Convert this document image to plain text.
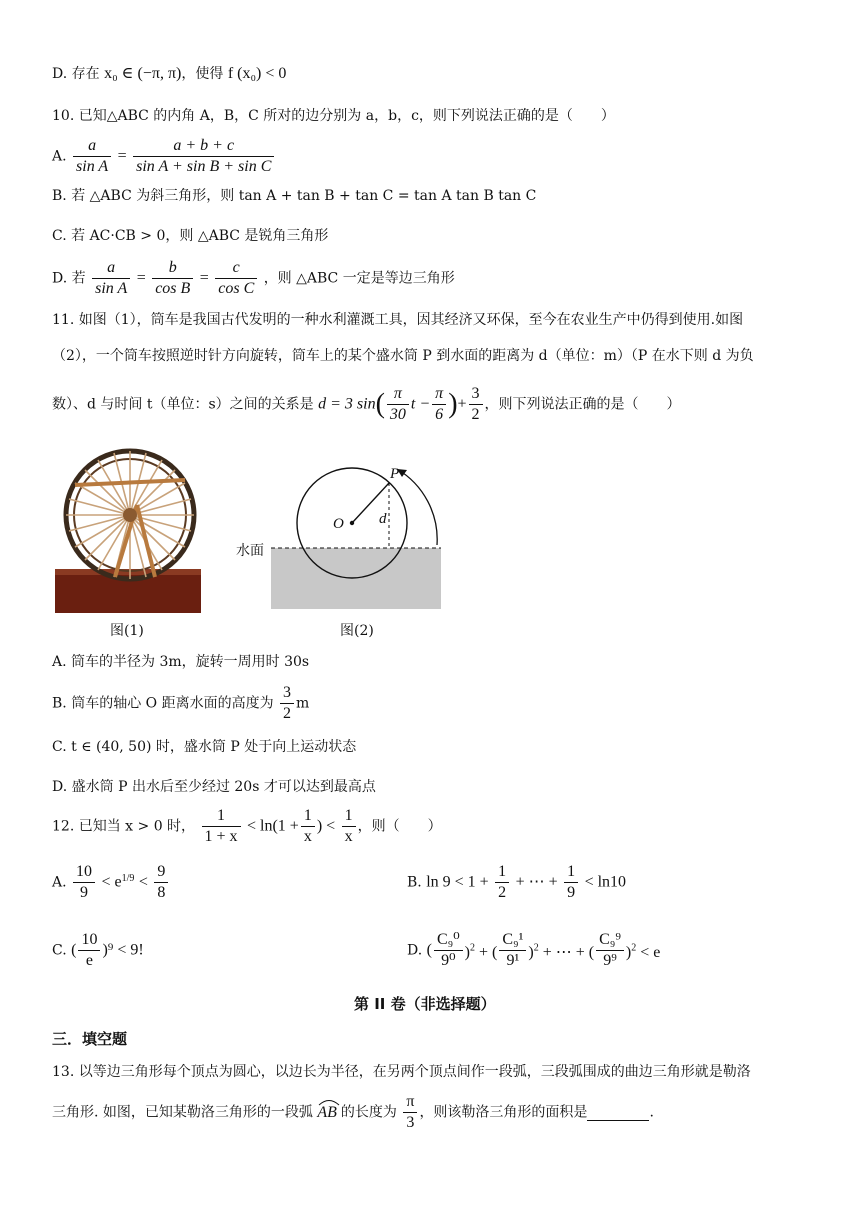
D. 存在 x₀ ∈ (−π, π)，使得 f (x₀) < 0
10. 已知△ABC 的内角 A，B，C 所对的边分别为 a，b，c，则下列说法正确的是（　　）
A. $\frac{a}{\text{sin A}} = \frac{a + b + c}{\text{sin A + sin B + sin C}}$
B. 若 △ABC 为斜三角形，则 tan A + tan B + tan C = tan A tan B tan C
C. 若 AC·CB > 0，则 △ABC 是锐角三角形
D. 若 $\frac{a}{\text{sin A}} = \frac{b}{\text{cos B}} = \frac{c}{\text{cos C}}$ ，则 △ABC 一定是等边三角形
11. 如图（1），筒车是我国古代发明的一种水利灌溉工具，因其经济又环保，至今在农业生产中仍得到使用.如图
（2），一个筒车按照逆时针方向旋转，筒车上的某个盛水筒 P 到水面的距离为 d（单位：m）（P 在水下则 d 为负
数）、d 与时间 t（单位：s）之间的关系是 d = 3 $\sin( \frac{\pi}{30}$ $t - \frac{\pi}{6}$ )+ $\frac{3}{2}$ ，则下列说法正确的是（　　）
图(1)
O
P
d
水面
图(2)
A. 筒车的半径为 3m，旋转一周用时 30s
B. 筒车的轴心 O 距离水面的高度为 $\frac{3}{2}$ m
C. t ∈ (40, 50) 时，盛水筒 P 处于向上运动状态
D. 盛水筒 P 出水后至少经过 20s 才可以达到最高点
12. 已知当 x > 0 时， $\frac{1}{1 + x} < \ln(1 + \frac{1}{x}$ ) < $\frac{1}{x}$ ，则（　　）
A. $\frac{10}{9} < e^{1/9} < \frac{9}{8}$	B. $\ln 9 < 1 + \frac{1}{2}$ + ⋯ + $\frac{1}{9} < \ln 10$
C. ( $\frac{10}{e} )^9 < 9$!	D. ( $\frac{\text{C₉⁰}}{\text{9⁰}} )^2$ + ( $\frac{\text{C₉¹}}{\text{9¹}} )^2$ + ⋯ + ( $\frac{\text{C₉⁹}}{\text{9⁹}} )^2 < e$
第 II 卷（非选择题）
三．填空题
13. 以等边三角形每个顶点为圆心，以边长为半径，在另两个顶点间作一段弧，三段弧围成的曲边三角形就是勒洛
三角形. 如图，已知某勒洛三角形的一段弧 AB 的长度为 $\frac{\pi}{3}$ ，则该勒洛三角形的面积是	.
